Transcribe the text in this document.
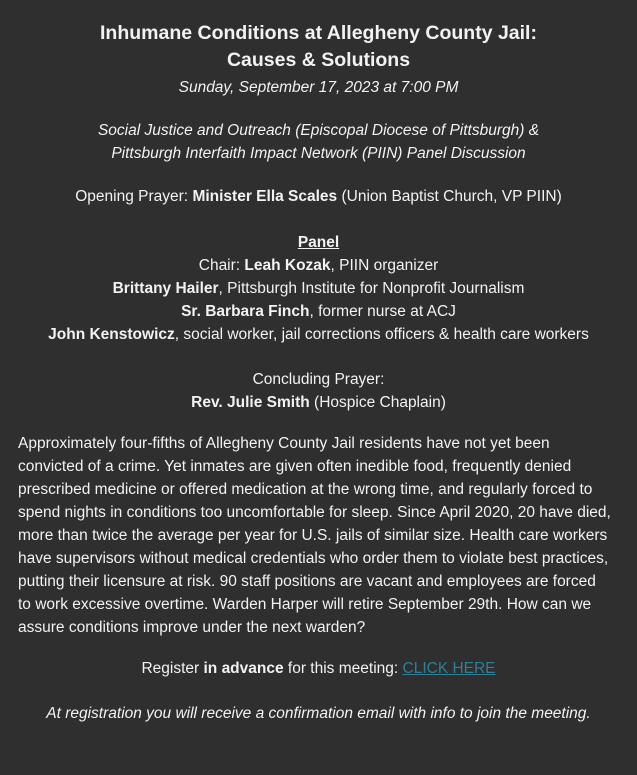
Inhumane Conditions at Allegheny County Jail:
Causes & Solutions

Sunday, September 17, 2023 at 7:00 PM

Social Justice and Outreach (Episcopal Diocese of Pittsburgh) &
Pittsburgh Interfaith Impact Network (PIIN) Panel Discussion

Opening Prayer: Minister Ella Scales (Union Baptist Church, VP PIIN)

Panel

Chair: Leah Kozak, PIIN organizer

Brittany Hailer, Pittsburgh Institute for Nonprofit Journalism

Sr. Barbara Finch, former nurse at ACJ

John Kenstowicz, social worker, jail corrections officers & health care workers

Concluding Prayer:

Rev. Julie Smith (Hospice Chaplain)

Approximately four-fifths of Allegheny County Jail residents have not yet been convicted of a crime. Yet inmates are given often inedible food, frequently denied prescribed medicine or offered medication at the wrong time, and regularly forced to spend nights in conditions too uncomfortable for sleep. Since April 2020, 20 have died, more than twice the average per year for U.S. jails of similar size. Health care workers have supervisors without medical credentials who order them to violate best practices, putting their licensure at risk. 90 staff positions are vacant and employees are forced to work excessive overtime. Warden Harper will retire September 29th. How can we assure conditions improve under the next warden?

Register in advance for this meeting: CLICK HERE

At registration you will receive a confirmation email with info to join the meeting.
